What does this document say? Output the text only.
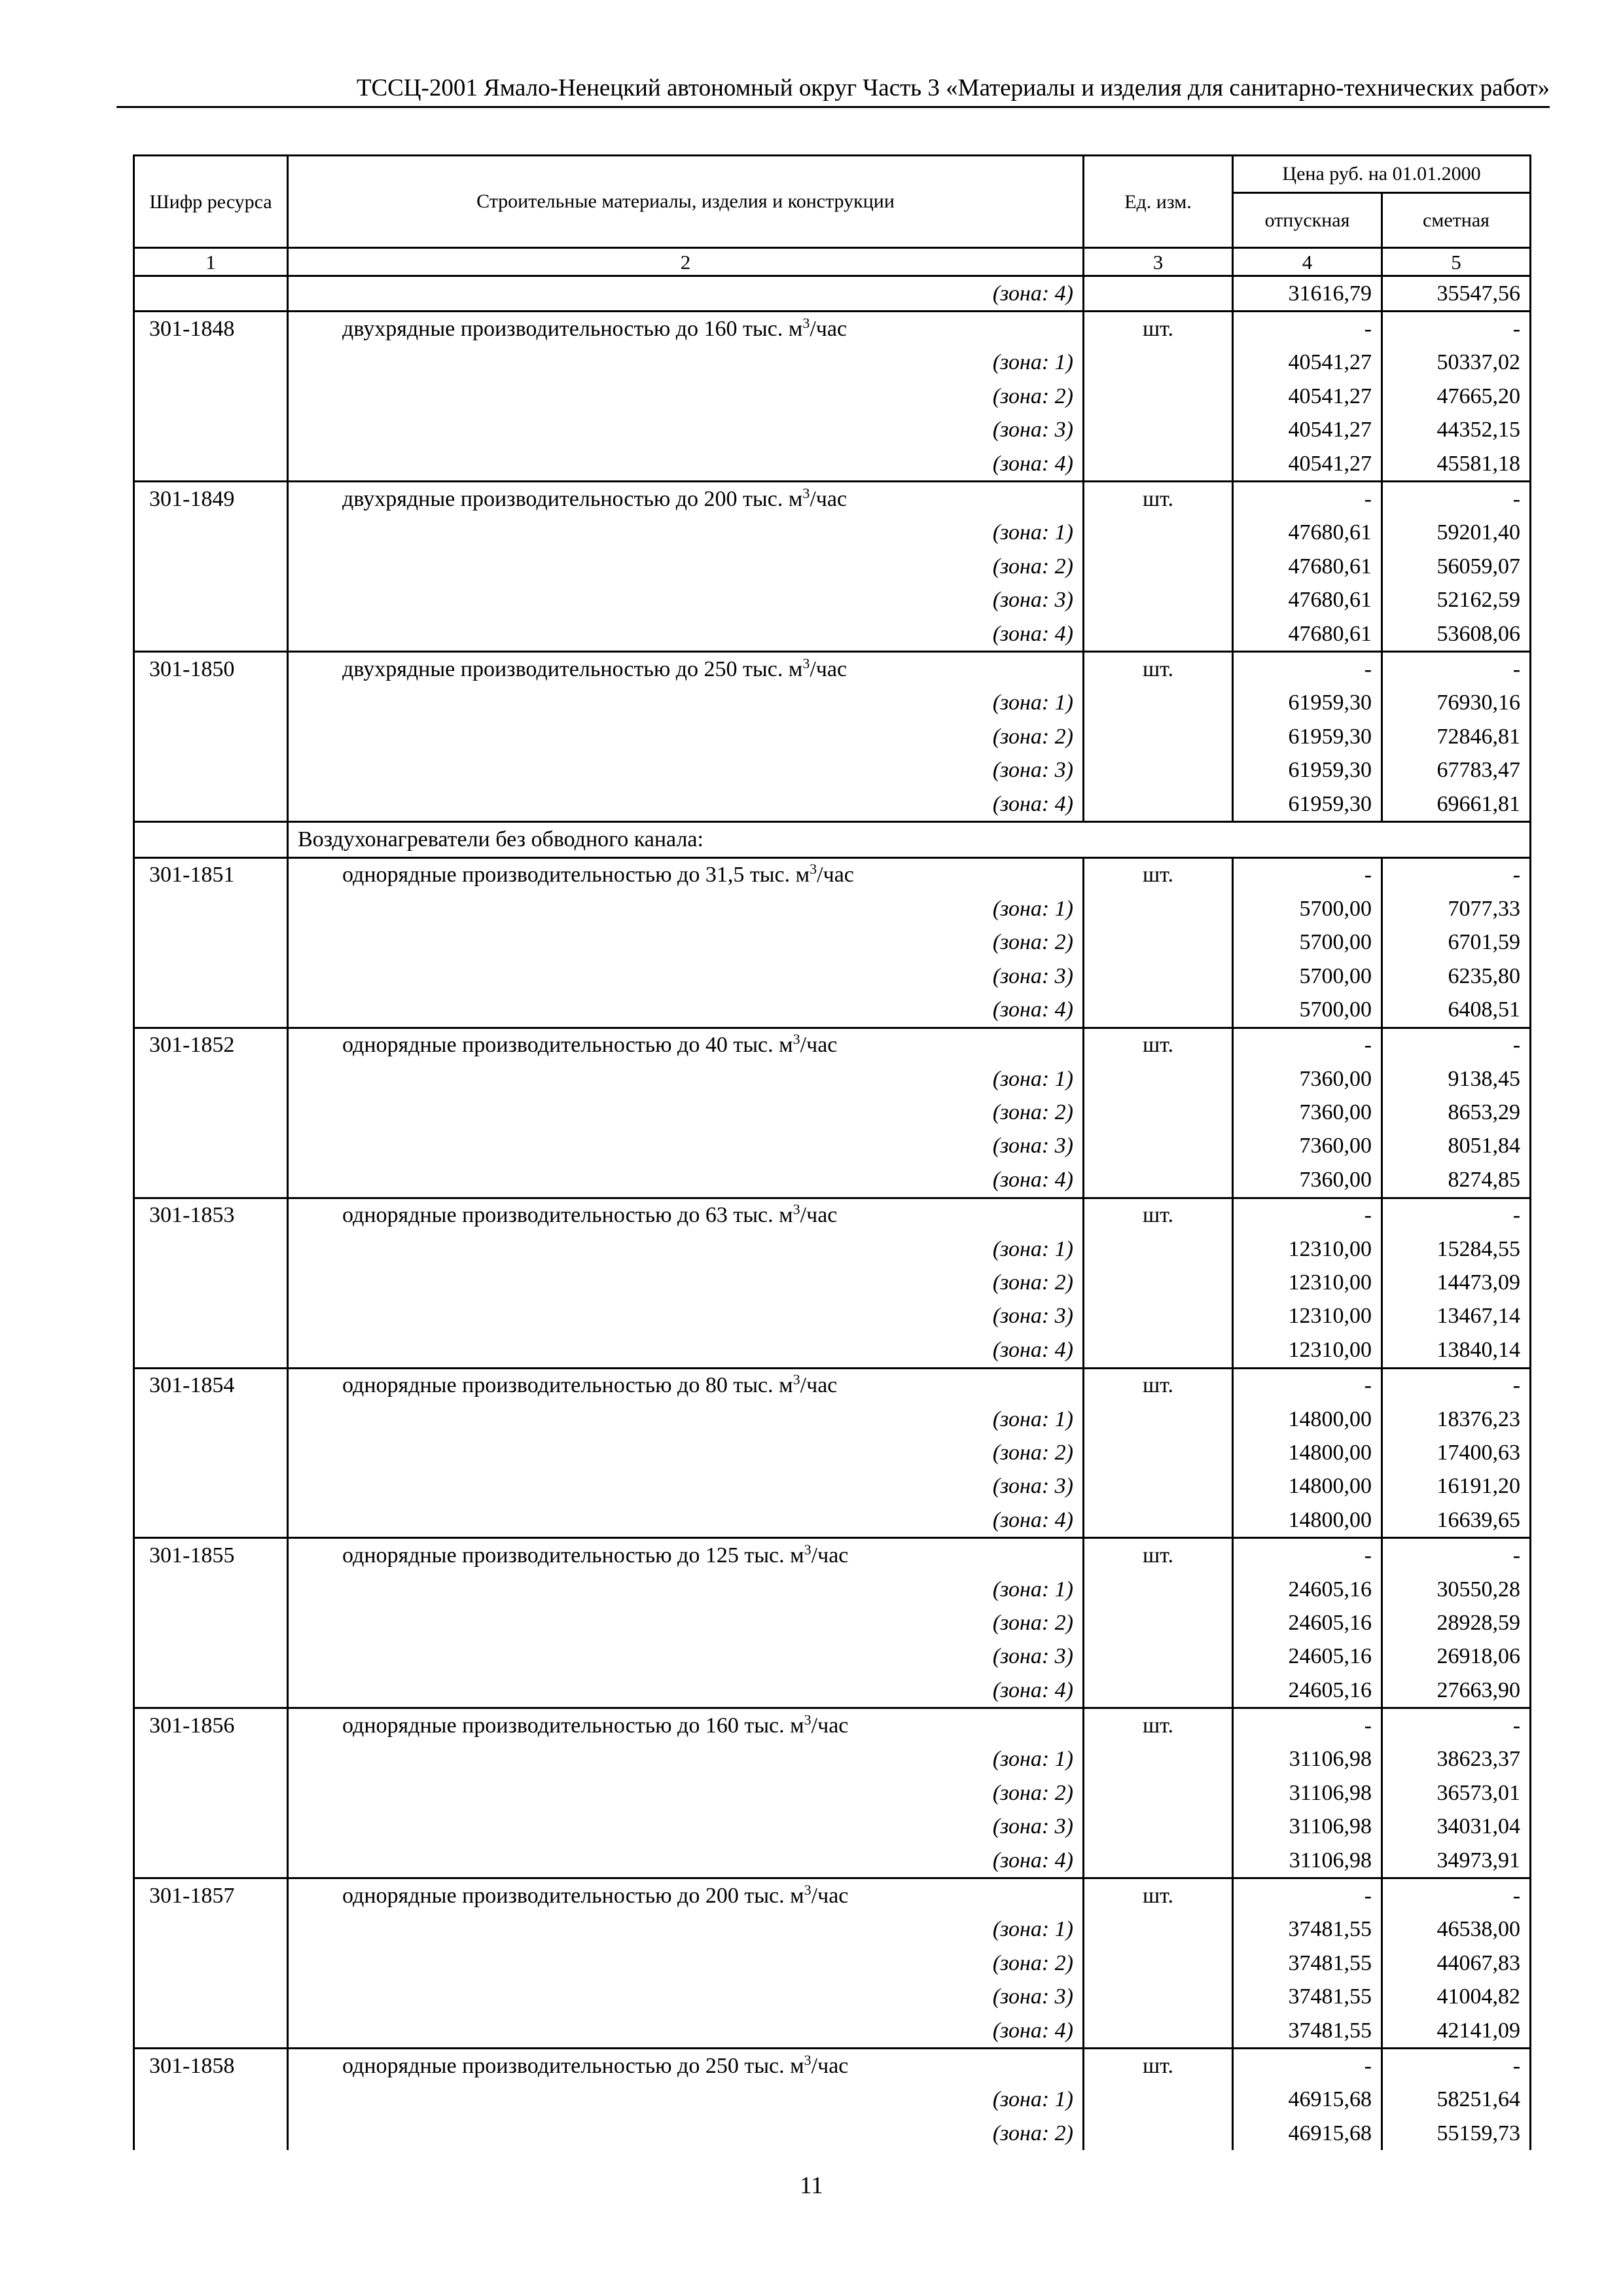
ТССЦ-2001 Ямало-Ненецкий автономный округ Часть 3 «Материалы и изделия для санитарно-технических работ»
Шифр ресурса	Строительные материалы, изделия и конструкции	Ед. изм.	Цена руб. на 01.01.2000	
			отпускная	сметная
1	2	3	4	5
	(зона: 4)		31616,79	35547,56
301-1848	двухрядные производительностью до 160 тыс. $м^3$/час	шт.	-	-
	(зона: 1)		40541,27	50337,02
	(зона: 2)		40541,27	47665,20
	(зона: 3)		40541,27	44352,15
	(зона: 4)		40541,27	45581,18
301-1849	двухрядные производительностью до 200 тыс. $м^3$/час	шт.	-	-
	(зона: 1)		47680,61	59201,40
	(зона: 2)		47680,61	56059,07
	(зона: 3)		47680,61	52162,59
	(зона: 4)		47680,61	53608,06
301-1850	двухрядные производительностью до 250 тыс. $м^3$/час	шт.	-	-
	(зона: 1)		61959,30	76930,16
	(зона: 2)		61959,30	72846,81
	(зона: 3)		61959,30	67783,47
	(зона: 4)		61959,30	69661,81
	Воздухонагреватели без обводного канала:			
301-1851	однорядные производительностью до 31,5 тыс. $м^3$/час	шт.	-	-
	(зона: 1)		5700,00	7077,33
	(зона: 2)		5700,00	6701,59
	(зона: 3)		5700,00	6235,80
	(зона: 4)		5700,00	6408,51
301-1852	однорядные производительностью до 40 тыс. $м^3$/час	шт.	-	-
	(зона: 1)		7360,00	9138,45
	(зона: 2)		7360,00	8653,29
	(зона: 3)		7360,00	8051,84
	(зона: 4)		7360,00	8274,85
301-1853	однорядные производительностью до 63 тыс. $м^3$/час	шт.	-	-
	(зона: 1)		12310,00	15284,55
	(зона: 2)		12310,00	14473,09
	(зона: 3)		12310,00	13467,14
	(зона: 4)		12310,00	13840,14
301-1854	однорядные производительностью до 80 тыс. $м^3$/час	шт.	-	-
	(зона: 1)		14800,00	18376,23
	(зона: 2)		14800,00	17400,63
	(зона: 3)		14800,00	16191,20
	(зона: 4)		14800,00	16639,65
301-1855	однорядные производительностью до 125 тыс. $м^3$/час	шт.	-	-
	(зона: 1)		24605,16	30550,28
	(зона: 2)		24605,16	28928,59
	(зона: 3)		24605,16	26918,06
	(зона: 4)		24605,16	27663,90
301-1856	однорядные производительностью до 160 тыс. $м^3$/час	шт.	-	-
	(зона: 1)		31106,98	38623,37
	(зона: 2)		31106,98	36573,01
	(зона: 3)		31106,98	34031,04
	(зона: 4)		31106,98	34973,91
301-1857	однорядные производительностью до 200 тыс. $м^3$/час	шт.	-	-
	(зона: 1)		37481,55	46538,00
	(зона: 2)		37481,55	44067,83
	(зона: 3)		37481,55	41004,82
	(зона: 4)		37481,55	42141,09
301-1858	однорядные производительностью до 250 тыс. $м^3$/час	шт.	-	-
	(зона: 1)		46915,68	58251,64
	(зона: 2)		46915,68	55159,73
11
